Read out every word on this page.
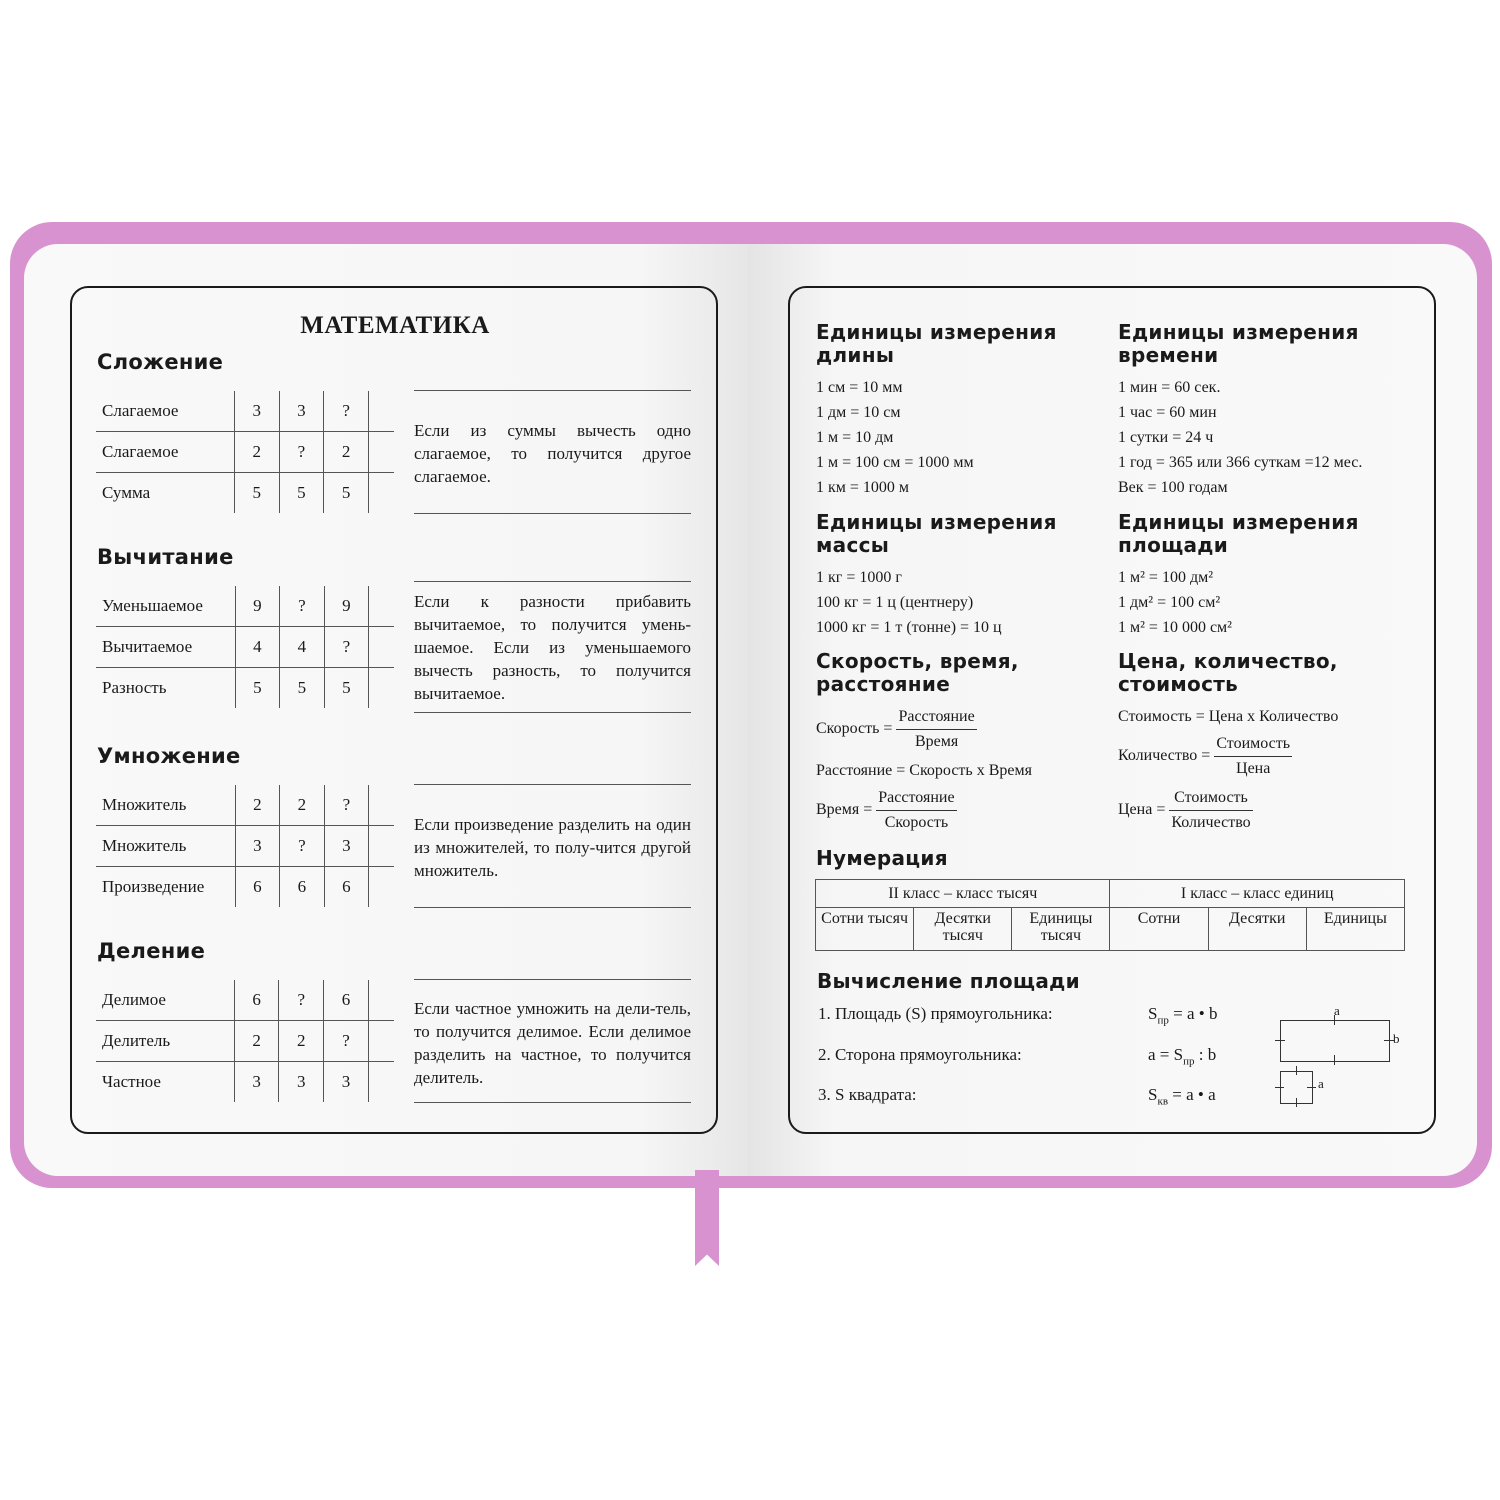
МАТЕМАТИКА
Сложение
Слагаемое	3	3	?	
Слагаемое	2	?	2	
Сумма	5	5	5	
Если из суммы вычесть одно слагаемое, то получится другое слагаемое.
Вычитание
Уменьшаемое	9	?	9	
Вычитаемое	4	4	?	
Разность	5	5	5	
Если к разности прибавить вычитаемое, то получится умень-шаемое. Если из уменьшаемого вычесть разность, то получится вычитаемое.
Умножение
Множитель	2	2	?	
Множитель	3	?	3	
Произведение	6	6	6	
Если произведение разделить на один из множителей, то полу-чится другой множитель.
Деление
Делимое	6	?	6	
Делитель	2	2	?	
Частное	3	3	3	
Если частное умножить на дели-тель, то получится делимое. Если делимое разделить на частное, то получится делитель.
Единицы измерения длины
1 см = 10 мм
1 дм = 10 см
1 м = 10 дм
1 м = 100 см = 1000 мм
1 км = 1000 м
Единицы измерения времени
1 мин = 60 сек.
1 час = 60 мин
1 сутки = 24 ч
1 год = 365 или 366 суткам =12 мес.
Век = 100 годам
Единицы измерения массы
1 кг = 1000 г
100 кг = 1 ц (центнеру)
1000 кг = 1 т (тонне) = 10 ц
Единицы измерения площади
1 м² = 100 дм²
1 дм² = 100 см²
1 м² = 10 000 см²
Скорость, время, расстояние
Скорость = $\frac{\text{Расстояние}}{\text{Время}}$
Расстояние = Скорость х Время
Время = $\frac{\text{Расстояние}}{\text{Скорость}}$
Цена, количество, стоимость
Стоимость = Цена х Количество
Количество = $\frac{\text{Стоимость}}{\text{Цена}}$
Цена = $\frac{\text{Стоимость}}{\text{Количество}}$
Нумерация
II класс – класс тысяч			I класс – класс единиц		
Сотни тысяч	Десятки тысяч	Единицы тысяч	Сотни	Десятки	Единицы
Вычисление площади
1. Площадь (S) прямоугольника:
2. Сторона прямоугольника:
3. S квадрата:
$S_{пр} = a$ • b
$a = S_{пр}$ : b
$S_{кв} = a$ • a
a
b
a
